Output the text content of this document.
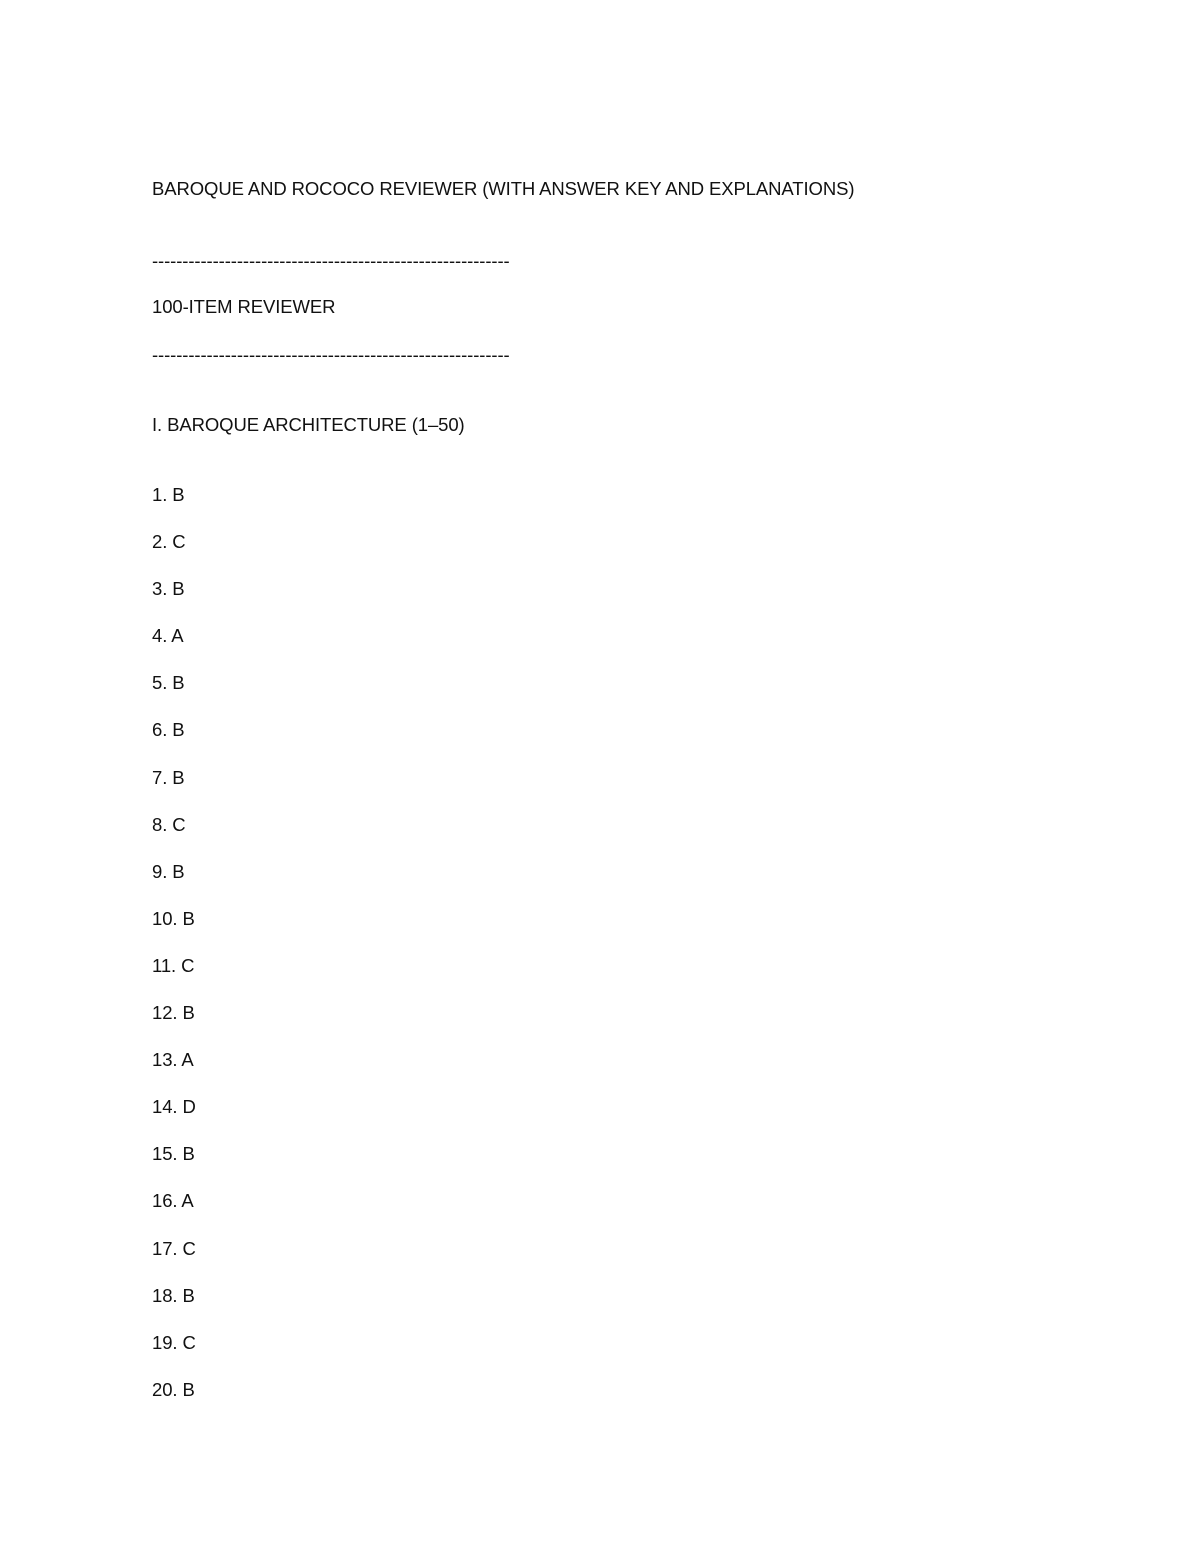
BAROQUE AND ROCOCO REVIEWER (WITH ANSWER KEY AND EXPLANATIONS)
-----------------------------------------------------------
100-ITEM REVIEWER
-----------------------------------------------------------
I. BAROQUE ARCHITECTURE (1–50)
1. B
2. C
3. B
4. A
5. B
6. B
7. B
8. C
9. B
10. B
11. C
12. B
13. A
14. D
15. B
16. A
17. C
18. B
19. C
20. B
